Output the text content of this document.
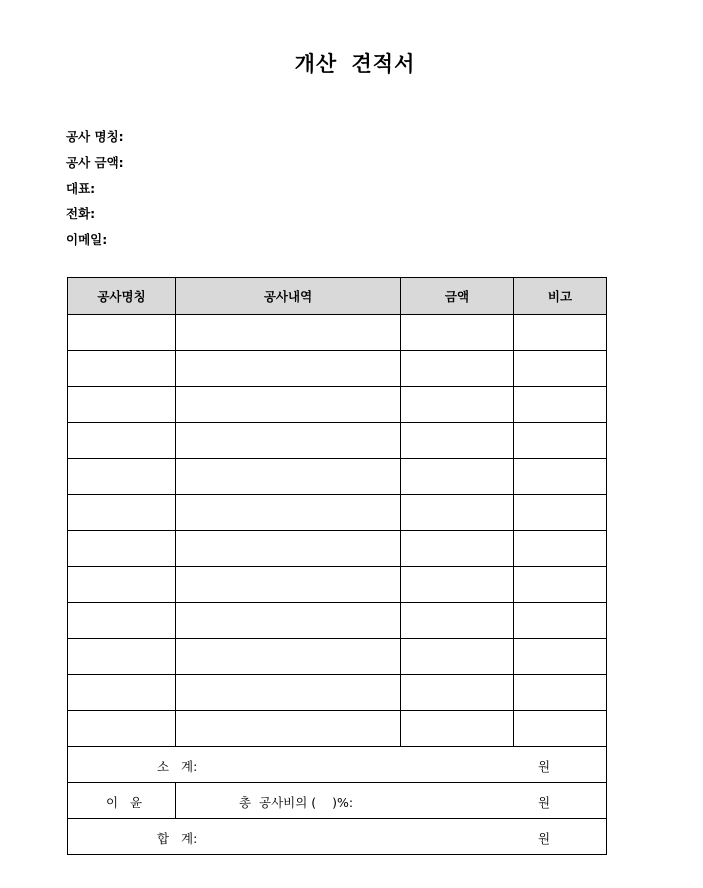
개산 견적서
공사 명칭:
공사 금액:
대표:
전화:
이메일:
공사명칭	공사내역	금액	비고

소   계: 원			

이   윤	총  공사비의 (    )%: 원		

합   계: 원			
